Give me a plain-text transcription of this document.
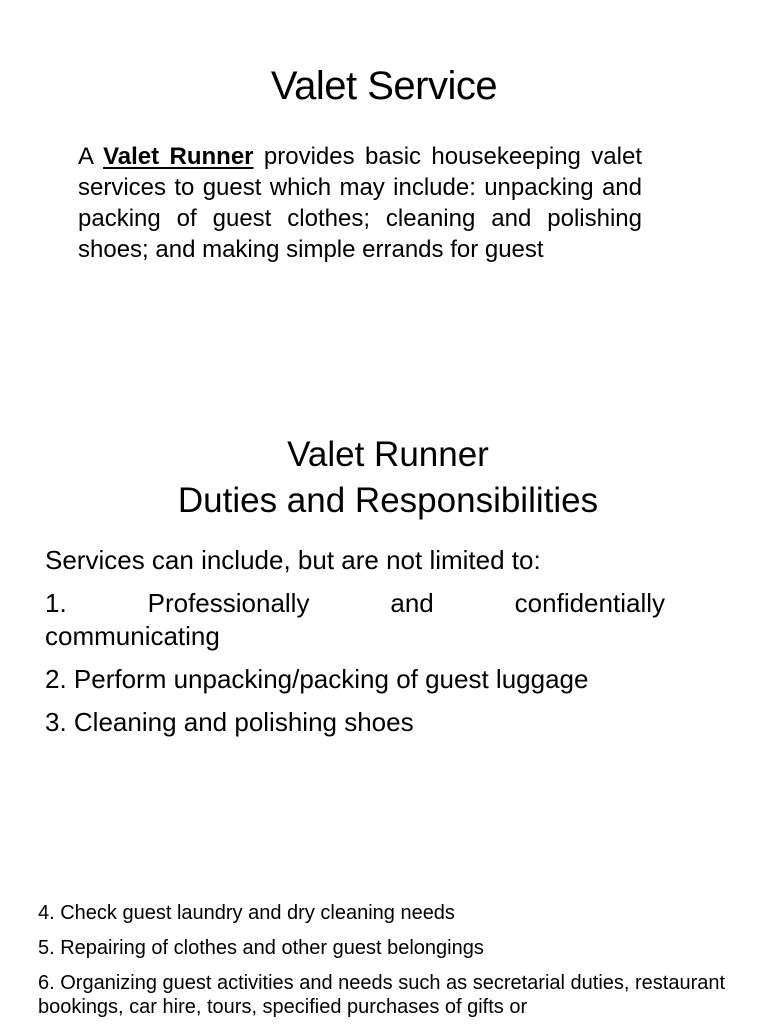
Valet Service

A Valet Runner provides basic housekeeping valet services to guest which may include: unpacking and packing of guest clothes; cleaning and polishing shoes; and making simple errands for guest

Valet Runner
Duties and Responsibilities
Services can include, but are not limited to:
1. Professionally and confidentially
communicating
2. Perform unpacking/packing of guest luggage
3. Cleaning and polishing shoes
4. Check guest laundry and dry cleaning needs
5. Repairing of clothes and other guest belongings
6. Organizing guest activities and needs such as secretarial duties, restaurant bookings, car hire, tours, specified purchases of gifts or
